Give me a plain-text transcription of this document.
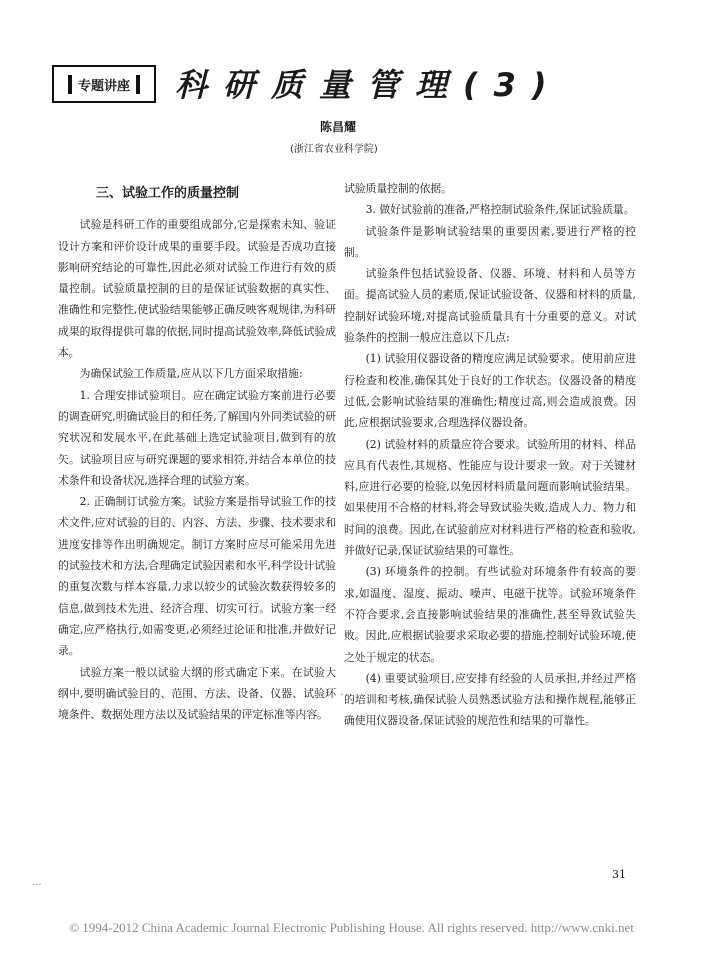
专题讲座	科研质量管理(3)
陈昌耀
(浙江省农业科学院)
三、试验工作的质量控制

试验是科研工作的重要组成部分,它是探索未知、验证设计方案和评价设计成果的重要手段。试验是否成功直接影响研究结论的可靠性,因此必须对试验工作进行有效的质量控制。试验质量控制的目的是保证试验数据的真实性、准确性和完整性,使试验结果能够正确反映客观规律,为科研成果的取得提供可靠的依据,同时提高试验效率,降低试验成本。

为确保试验工作质量,应从以下几方面采取措施:

1. 合理安排试验项目。应在确定试验方案前进行必要的调查研究,明确试验目的和任务,了解国内外同类试验的研究状况和发展水平,在此基础上选定试验项目,做到有的放矢。试验项目应与研究课题的要求相符,并结合本单位的技术条件和设备状况,选择合理的试验方案。

2. 正确制订试验方案。试验方案是指导试验工作的技术文件,应对试验的目的、内容、方法、步骤、技术要求和进度安排等作出明确规定。制订方案时应尽可能采用先进的试验技术和方法,合理确定试验因素和水平,科学设计试验的重复次数与样本容量,力求以较少的试验次数获得较多的信息,做到技术先进、经济合理、切实可行。试验方案一经确定,应严格执行,如需变更,必须经过论证和批准,并做好记录。

试验方案一般以试验大纲的形式确定下来。在试验大纲中,要明确试验目的、范围、方法、设备、仪器、试验环境条件、数据处理方法以及试验结果的评定标准等内容。

试验质量控制的依据。

3. 做好试验前的准备,严格控制试验条件,保证试验质量。

试验条件是影响试验结果的重要因素,要进行严格的控制。

试验条件包括试验设备、仪器、环境、材料和人员等方面。提高试验人员的素质,保证试验设备、仪器和材料的质量,控制好试验环境,对提高试验质量具有十分重要的意义。对试验条件的控制一般应注意以下几点:

(1) 试验用仪器设备的精度应满足试验要求。使用前应进行检查和校准,确保其处于良好的工作状态。仪器设备的精度过低,会影响试验结果的准确性;精度过高,则会造成浪费。因此,应根据试验要求,合理选择仪器设备。

(2) 试验材料的质量应符合要求。试验所用的材料、样品应具有代表性,其规格、性能应与设计要求一致。对于关键材料,应进行必要的检验,以免因材料质量问题而影响试验结果。如果使用不合格的材料,将会导致试验失败,造成人力、物力和时间的浪费。因此,在试验前应对材料进行严格的检查和验收,并做好记录,保证试验结果的可靠性。

(3) 环境条件的控制。有些试验对环境条件有较高的要求,如温度、湿度、振动、噪声、电磁干扰等。试验环境条件不符合要求,会直接影响试验结果的准确性,甚至导致试验失败。因此,应根据试验要求采取必要的措施,控制好试验环境,使之处于规定的状态。

(4) 重要试验项目,应安排有经验的人员承担,并经过严格的培训和考核,确保试验人员熟悉试验方法和操作规程,能够正确使用仪器设备,保证试验的规范性和结果的可靠性。

·
···
31
© 1994-2012 China Academic Journal Electronic Publishing House. All rights reserved. http://www.cnki.net
